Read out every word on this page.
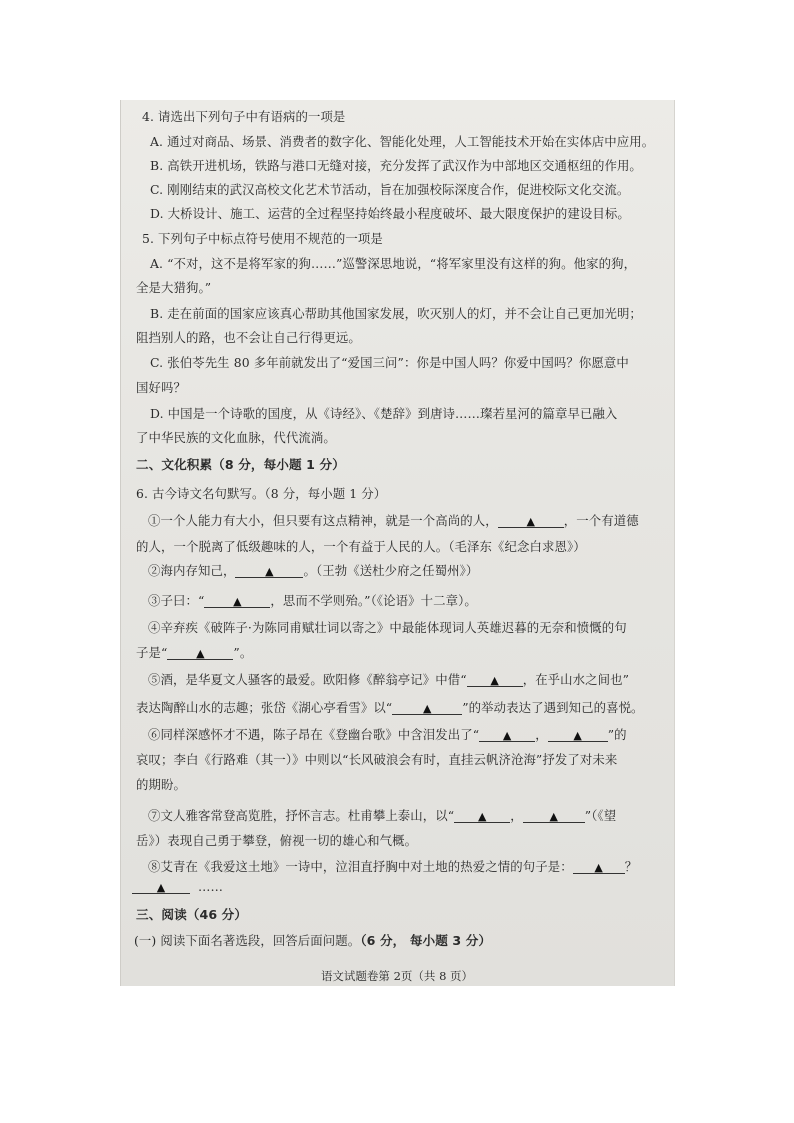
4. 请选出下列句子中有语病的一项是
A. 通过对商品、场景、消费者的数字化、智能化处理，人工智能技术开始在实体店中应用。
B. 高铁开进机场，铁路与港口无缝对接，充分发挥了武汉作为中部地区交通枢纽的作用。
C. 刚刚结束的武汉高校文化艺术节活动，旨在加强校际深度合作，促进校际文化交流。
D. 大桥设计、施工、运营的全过程坚持始终最小程度破坏、最大限度保护的建设目标。
5. 下列句子中标点符号使用不规范的一项是
A. “不对，这不是将军家的狗……”巡警深思地说，“将军家里没有这样的狗。他家的狗，
全是大猎狗。”
B. 走在前面的国家应该真心帮助其他国家发展，吹灭别人的灯，并不会让自己更加光明；
阻挡别人的路，也不会让自己行得更远。
C. 张伯苓先生 80 多年前就发出了“爱国三问”：你是中国人吗？你爱中国吗？你愿意中
国好吗？
D. 中国是一个诗歌的国度，从《诗经》、《楚辞》到唐诗……璨若星河的篇章早已融入
了中华民族的文化血脉，代代流淌。
二、文化积累（8 分，每小题 1 分）
6. 古今诗文名句默写。（8 分，每小题 1 分）
①一个人能力有大小，但只要有这点精神，就是一个高尚的人，	▲ ，一个有道德
的人，一个脱离了低级趣味的人，一个有益于人民的人。（毛泽东《纪念白求恩》）
②海内存知己，	▲ 。（王勃《送杜少府之任蜀州》）
③子曰：“	▲ ，思而不学则殆。”（《论语》十二章）。
④辛弃疾《破阵子·为陈同甫赋壮词以寄之》中最能体现词人英雄迟暮的无奈和愤慨的句
子是“	▲ ”。
⑤酒，是华夏文人骚客的最爱。欧阳修《醉翁亭记》中借“ ▲ ，在乎山水之间也”
表达陶醉山水的志趣；张岱《湖心亭看雪》以“	▲ ”的举动表达了遇到知己的喜悦。
⑥同样深感怀才不遇，陈子昂在《登幽台歌》中含泪发出了“ ▲ ， ▲ ”的
哀叹；李白《行路难（其一）》中则以“长风破浪会有时，直挂云帆济沧海”抒发了对未来
的期盼。
⑦文人雅客常登高览胜，抒怀言志。杜甫攀上泰山，以“ ▲ ， ▲ ”（《望
岳》）表现自己勇于攀登，俯视一切的雄心和气概。
⑧艾青在《我爱这土地》一诗中，泣泪直抒胸中对土地的热爱之情的句子是： ▲ ？
▲	……
三、阅读（46 分）
(一) 阅读下面名著选段，回答后面问题。（6 分， 每小题 3 分）
语文试题卷第 2页（共 8 页）
